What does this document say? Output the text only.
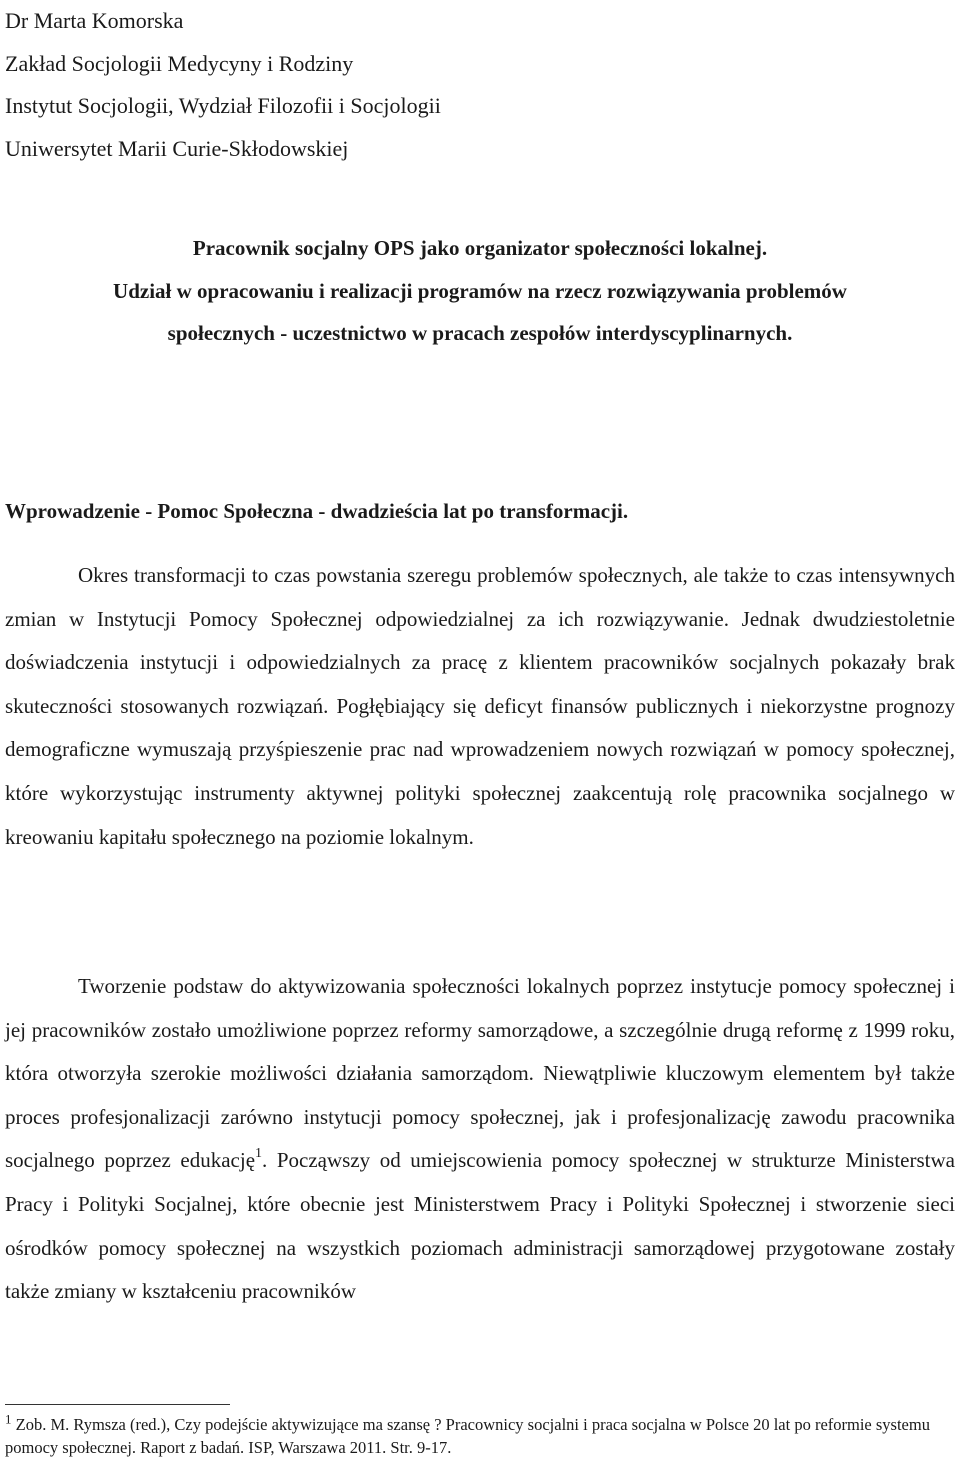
Dr Marta Komorska
Zakład Socjologii Medycyny i Rodziny
Instytut Socjologii, Wydział Filozofii i Socjologii
Uniwersytet Marii Curie-Skłodowskiej
Pracownik socjalny OPS jako organizator społeczności lokalnej.
Udział w opracowaniu i realizacji programów na rzecz rozwiązywania problemów
społecznych - uczestnictwo w pracach zespołów interdyscyplinarnych.
Wprowadzenie - Pomoc Społeczna - dwadzieścia lat po transformacji.

Okres transformacji to czas powstania szeregu problemów społecznych, ale także to czas intensywnych zmian w Instytucji Pomocy Społecznej odpowiedzialnej za ich rozwiązywanie. Jednak dwudziestoletnie doświadczenia instytucji i odpowiedzialnych za pracę z klientem pracowników socjalnych pokazały brak skuteczności stosowanych rozwiązań. Pogłębiający się deficyt finansów publicznych i niekorzystne prognozy demograficzne wymuszają przyśpieszenie prac nad wprowadzeniem nowych rozwiązań w pomocy społecznej, które wykorzystując instrumenty aktywnej polityki społecznej zaakcentują rolę pracownika socjalnego w kreowaniu kapitału społecznego na poziomie lokalnym.

Tworzenie podstaw do aktywizowania społeczności lokalnych poprzez instytucje pomocy społecznej i jej pracowników zostało umożliwione poprzez reformy samorządowe, a szczególnie drugą reformę z 1999 roku, która otworzyła szerokie możliwości działania samorządom. Niewątpliwie kluczowym elementem był także proces profesjonalizacji zarówno instytucji pomocy społecznej, jak i profesjonalizację zawodu pracownika socjalnego poprzez edukację$^1$. Począwszy od umiejscowienia pomocy społecznej w strukturze Ministerstwa Pracy i Polityki Socjalnej, które obecnie jest Ministerstwem Pracy i Polityki Społecznej i stworzenie sieci ośrodków pomocy społecznej na wszystkich poziomach administracji samorządowej przygotowane zostały także zmiany w kształceniu pracowników

$^1$ Zob. M. Rymsza (red.), Czy podejście aktywizujące ma szansę ? Pracownicy socjalni i praca socjalna w Polsce 20 lat po reformie systemu pomocy społecznej. Raport z badań. ISP, Warszawa 2011. Str. 9-17.
